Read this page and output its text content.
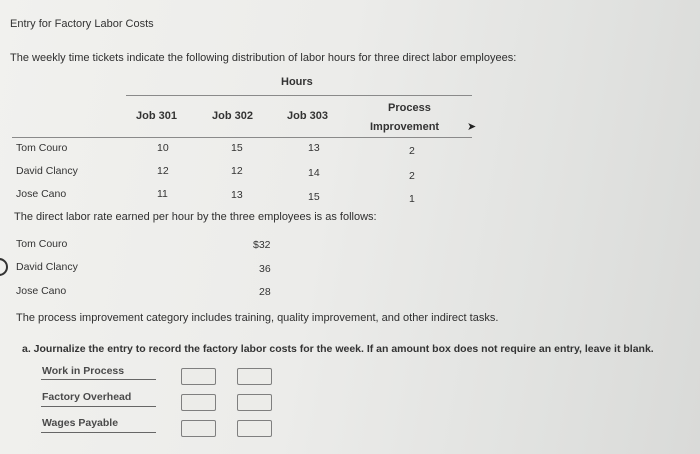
Entry for Factory Labor Costs
The weekly time tickets indicate the following distribution of labor hours for three direct labor employees:
Hours
Job 301	Job 302	Job 303
Process
Improvement	➤
Tom Couro	10	15	13	2
David Clancy	12	12	14	2
Jose Cano	11	13	15	1
The direct labor rate earned per hour by the three employees is as follows:
Tom Couro	$32
David Clancy	36
Jose Cano	28
The process improvement category includes training, quality improvement, and other indirect tasks.
a. Journalize the entry to record the factory labor costs for the week. If an amount box does not require an entry, leave it blank.
Work in Process
Factory Overhead
Wages Payable
